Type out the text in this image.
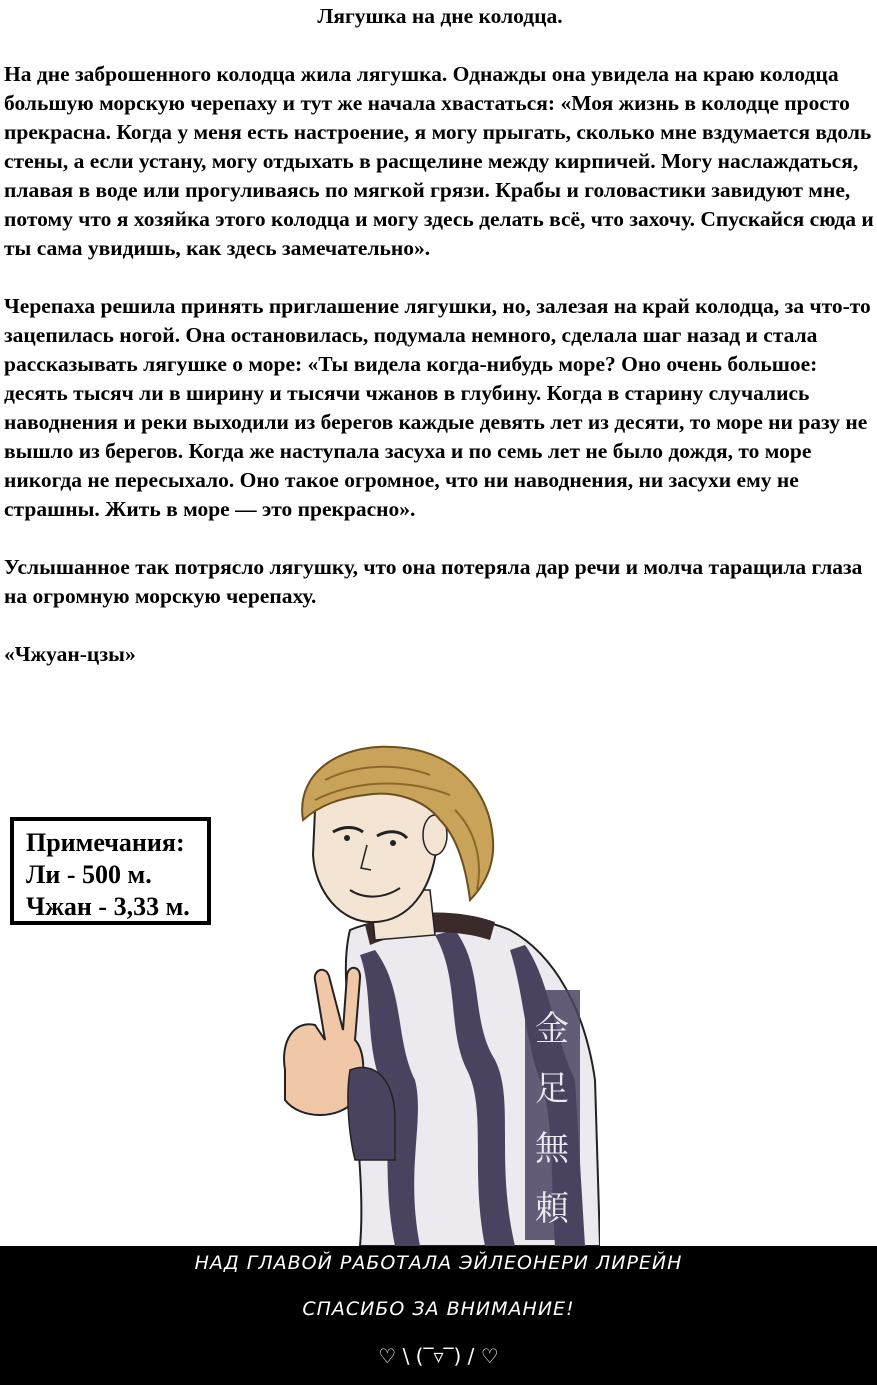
Лягушка на дне колодца.

На дне заброшенного колодца жила лягушка. Однажды она увидела на краю колодца большую морскую черепаху и тут же начала хвастаться: «Моя жизнь в колодце просто прекрасна. Когда у меня есть настроение, я могу прыгать, сколько мне вздумается вдоль стены, а если устану, могу отдыхать в расщелине между кирпичей. Могу наслаждаться, плавая в воде или прогуливаясь по мягкой грязи. Крабы и головастики завидуют мне, потому что я хозяйка этого колодца и могу здесь делать всё, что захочу. Спускайся сюда и ты сама увидишь, как здесь замечательно».

Черепаха решила принять приглашение лягушки, но, залезая на край колодца, за что-то зацепилась ногой. Она остановилась, подумала немного, сделала шаг назад и стала рассказывать лягушке о море: «Ты видела когда-нибудь море? Оно очень большое: десять тысяч ли в ширину и тысячи чжанов в глубину. Когда в старину случались наводнения и реки выходили из берегов каждые девять лет из десяти, то море ни разу не вышло из берегов. Когда же наступала засуха и по семь лет не было дождя, то море никогда не пересыхало. Оно такое огромное, что ни наводнения, ни засухи ему не страшны. Жить в море — это прекрасно».

Услышанное так потрясло лягушку, что она потеряла дар речи и молча таращила глаза на огромную морскую черепаху.

«Чжуан-цзы»

Примечания:
Ли - 500 м.
Чжан - 3,33 м.
金
足
無
頼
НАД ГЛАВОЙ РАБОТАЛА ЭЙЛЕОНЕРИ ЛИРЕЙН
СПАСИБО ЗА ВНИМАНИЕ!
♡ \ (‾▿‾) / ♡
